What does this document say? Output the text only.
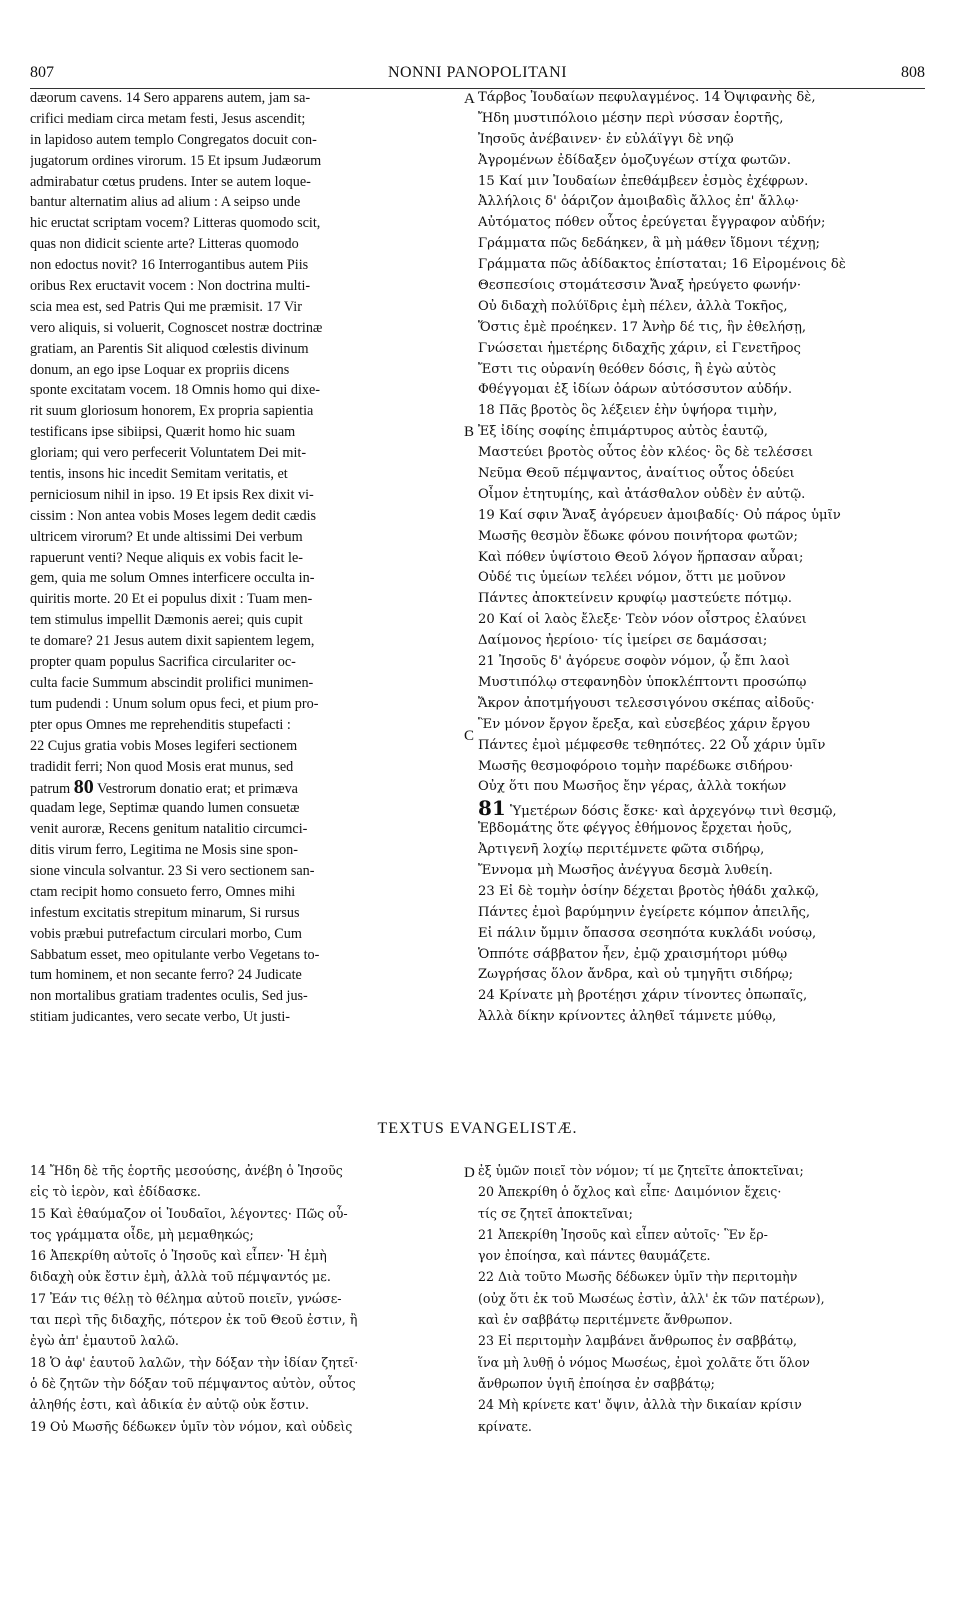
807	NONNI PANOPOLITANI	808
dæorum cavens. 14 Sero apparens autem, jam sa-
crifici mediam circa metam festi, Jesus ascendit;
in lapidoso autem templo Congregatos docuit con-
jugatorum ordines virorum. 15 Et ipsum Judæorum
admirabatur cœtus prudens. Inter se autem loque-
bantur alternatim alius ad alium : A seipso unde
hic eructat scriptam vocem? Litteras quomodo scit,
quas non didicit sciente arte? Litteras quomodo
non edoctus novit? 16 Interrogantibus autem Piis
oribus Rex eructavit vocem : Non doctrina multi-
scia mea est, sed Patris Qui me præmisit. 17 Vir
vero aliquis, si voluerit, Cognoscet nostræ doctrinæ
gratiam, an Parentis Sit aliquod cœlestis divinum
donum, an ego ipse Loquar ex propriis dicens
sponte excitatam vocem. 18 Omnis homo qui dixe-
rit suum gloriosum honorem, Ex propria sapientia
testificans ipse sibiipsi, Quærit homo hic suam
gloriam; qui vero perfecerit Voluntatem Dei mit-
tentis, insons hic incedit Semitam veritatis, et
perniciosum nihil in ipso. 19 Et ipsis Rex dixit vi-
cissim : Non antea vobis Moses legem dedit cædis
ultricem virorum? Et unde altissimi Dei verbum
rapuerunt venti? Neque aliquis ex vobis facit le-
gem, quia me solum Omnes interficere occulta in-
quiritis morte. 20 Et ei populus dixit : Tuam men-
tem stimulus impellit Dæmonis aerei; quis cupit
te domare? 21 Jesus autem dixit sapientem legem,
propter quam populus Sacrifica circulariter oc-
culta facie Summum abscindit prolifici munimen-
tum pudendi : Unum solum opus feci, et pium pro-
pter opus Omnes me reprehenditis stupefacti :
22 Cujus gratia vobis Moses legiferi sectionem
tradidit ferri; Non quod Mosis erat munus, sed
patrum 80 Vestrorum donatio erat; et primæva
quadam lege, Septimæ quando lumen consuetæ
venit auroræ, Recens genitum natalitio circumci-
ditis virum ferro, Legitima ne Mosis sine spon-
sione vincula solvantur. 23 Si vero sectionem san-
ctam recipit homo consueto ferro, Omnes mihi
infestum excitatis strepitum minarum, Si rursus
vobis præbui putrefactum circulari morbo, Cum
Sabbatum esset, meo opitulante verbo Vegetans to-
tum hominem, et non secante ferro? 24 Judicate
non mortalibus gratiam tradentes oculis, Sed jus-
stitiam judicantes, vero secate verbo, Ut justi-
Τάρβος Ἰουδαίων πεφυλαγμένος. 14 Ὀψιφανὴς δὲ,
Ἤδη μυστιπόλοιο μέσην περὶ νύσσαν ἑορτῆς,
Ἰησοῦς ἀνέβαινεν· ἐν εὐλάϊγγι δὲ νηῷ
Ἀγρομένων ἐδίδαξεν ὁμοζυγέων στίχα φωτῶν.
15 Καί μιν Ἰουδαίων ἐπεθάμβεεν ἐσμὸς ἐχέφρων.
Ἀλλήλοις δ' ὀάριζον ἀμοιβαδὶς ἄλλος ἐπ' ἄλλῳ·
Αὐτόματος πόθεν οὗτος ἐρεύγεται ἔγγραφον αὐδήν;
Γράμματα πῶς δεδάηκεν, ἃ μὴ μάθεν ἴδμονι τέχνῃ;
Γράμματα πῶς ἀδίδακτος ἐπίσταται; 16 Εἰρομένοις δὲ
Θεσπεσίοις στομάτεσσιν Ἄναξ ἠρεύγετο φωνήν·
Οὐ διδαχὴ πολύϊδρις ἐμὴ πέλεν, ἀλλὰ Τοκῆος,
Ὅστις ἐμὲ προέηκεν. 17 Ἀνὴρ δέ τις, ἣν ἐθελήσῃ,
Γνώσεται ἡμετέρης διδαχῆς χάριν, εἰ Γενετῆρος
Ἔστι τις οὐρανίη θεόθεν δόσις, ἢ ἐγὼ αὐτὸς
Φθέγγομαι ἐξ ἰδίων ὀάρων αὐτόσσυτον αὐδήν.
18 Πᾶς βροτὸς ὃς λέξειεν ἑὴν ὑψήορα τιμὴν,
Ἐξ ἰδίης σοφίης ἐπιμάρτυρος αὐτὸς ἑαυτῷ,
Μαστεύει βροτὸς οὗτος ἑὸν κλέος· ὃς δὲ τελέσσει
Νεῦμα Θεοῦ πέμψαντος, ἀναίτιος οὗτος ὁδεύει
Οἶμον ἐτητυμίης, καὶ ἀτάσθαλον οὐδὲν ἐν αὐτῷ.
19 Καί σφιν Ἄναξ ἀγόρευεν ἀμοιβαδίς· Οὐ πάρος ὑμῖν
Μωσῆς θεσμὸν ἔδωκε φόνου ποινήτορα φωτῶν;
Καὶ πόθεν ὑψίστοιο Θεοῦ λόγον ἥρπασαν αὖραι;
Οὐδέ τις ὑμείων τελέει νόμον, ὅττι με μοῦνον
Πάντες ἀποκτείνειν κρυφίῳ μαστεύετε πότμῳ.
20 Καί οἱ λαὸς ἔλεξε· Τεὸν νόον οἶστρος ἐλαύνει
Δαίμονος ἠερίοιο· τίς ἱμείρει σε δαμάσσαι;
21 Ἰησοῦς δ' ἀγόρευε σοφὸν νόμον, ᾧ ἔπι λαοὶ
Μυστιπόλῳ στεφανηδὸν ὑποκλέπτοντι προσώπῳ
Ἄκρον ἀποτμήγουσι τελεσσιγόνου σκέπας αἰδοῦς·
Ἓν μόνον ἔργον ἔρεξα, καὶ εὐσεβέος χάριν ἔργου
Πάντες ἐμοὶ μέμφεσθε τεθηπότες. 22 Οὗ χάριν ὑμῖν
Μωσῆς θεσμοφόροιο τομὴν παρέδωκε σιδήρου·
Οὐχ ὅτι που Μωσῆος ἔην γέρας, ἀλλὰ τοκήων
81 Ὑμετέρων δόσις ἔσκε· καὶ ἀρχεγόνῳ τινὶ θεσμῷ,
Ἑβδομάτης ὅτε φέγγος ἐθήμονος ἔρχεται ἠοῦς,
Ἀρτιγενῆ λοχίῳ περιτέμνετε φῶτα σιδήρῳ,
Ἔννομα μὴ Μωσῆος ἀνέγγυα δεσμὰ λυθείη.
23 Εἰ δὲ τομὴν ὁσίην δέχεται βροτὸς ἠθάδι χαλκῷ,
Πάντες ἐμοὶ βαρύμηνιν ἐγείρετε κόμπον ἀπειλῆς,
Εἰ πάλιν ὔμμιν ὄπασσα σεσηπότα κυκλάδι νούσῳ,
Ὁππότε σάββατον ἦεν, ἐμῷ χραισμήτορι μύθῳ
Ζωγρήσας ὅλον ἄνδρα, καὶ οὐ τμηγῆτι σιδήρῳ;
24 Κρίνατε μὴ βροτέῃσι χάριν τίνοντες ὀπωπαῖς,
Ἀλλὰ δίκην κρίνοντες ἀληθεῖ τάμνετε μύθῳ,
A
B
C
D
TEXTUS EVANGELISTÆ.
14 Ἤδη δὲ τῆς ἑορτῆς μεσούσης, ἀνέβη ὁ Ἰησοῦς
εἰς τὸ ἱερὸν, καὶ ἐδίδασκε.
15 Καὶ ἐθαύμαζον οἱ Ἰουδαῖοι, λέγοντες· Πῶς οὗ-
τος γράμματα οἶδε, μὴ μεμαθηκώς;
16 Ἀπεκρίθη αὐτοῖς ὁ Ἰησοῦς καὶ εἶπεν· Ἡ ἐμὴ
διδαχὴ οὐκ ἔστιν ἐμὴ, ἀλλὰ τοῦ πέμψαντός με.
17 Ἐάν τις θέλῃ τὸ θέλημα αὐτοῦ ποιεῖν, γνώσε-
ται περὶ τῆς διδαχῆς, πότερον ἐκ τοῦ Θεοῦ ἐστιν, ἢ
ἐγὼ ἀπ' ἐμαυτοῦ λαλῶ.
18 Ὁ ἀφ' ἑαυτοῦ λαλῶν, τὴν δόξαν τὴν ἰδίαν ζητεῖ·
ὁ δὲ ζητῶν τὴν δόξαν τοῦ πέμψαντος αὐτὸν, οὗτος
ἀληθής ἐστι, καὶ ἀδικία ἐν αὐτῷ οὐκ ἔστιν.
19 Οὐ Μωσῆς δέδωκεν ὑμῖν τὸν νόμον, καὶ οὐδεὶς
ἐξ ὑμῶν ποιεῖ τὸν νόμον; τί με ζητεῖτε ἀποκτεῖναι;
20 Ἀπεκρίθη ὁ ὄχλος καὶ εἶπε· Δαιμόνιον ἔχεις·
τίς σε ζητεῖ ἀποκτεῖναι;
21 Ἀπεκρίθη Ἰησοῦς καὶ εἶπεν αὐτοῖς· Ἓν ἔρ-
γον ἐποίησα, καὶ πάντες θαυμάζετε.
22 Διὰ τοῦτο Μωσῆς δέδωκεν ὑμῖν τὴν περιτομὴν
(οὐχ ὅτι ἐκ τοῦ Μωσέως ἐστὶν, ἀλλ' ἐκ τῶν πατέρων),
καὶ ἐν σαββάτῳ περιτέμνετε ἄνθρωπον.
23 Εἰ περιτομὴν λαμβάνει ἄνθρωπος ἐν σαββάτῳ,
ἵνα μὴ λυθῇ ὁ νόμος Μωσέως, ἐμοὶ χολᾶτε ὅτι ὅλον
ἄνθρωπον ὑγιῆ ἐποίησα ἐν σαββάτῳ;
24 Μὴ κρίνετε κατ' ὄψιν, ἀλλὰ τὴν δικαίαν κρίσιν
κρίνατε.
